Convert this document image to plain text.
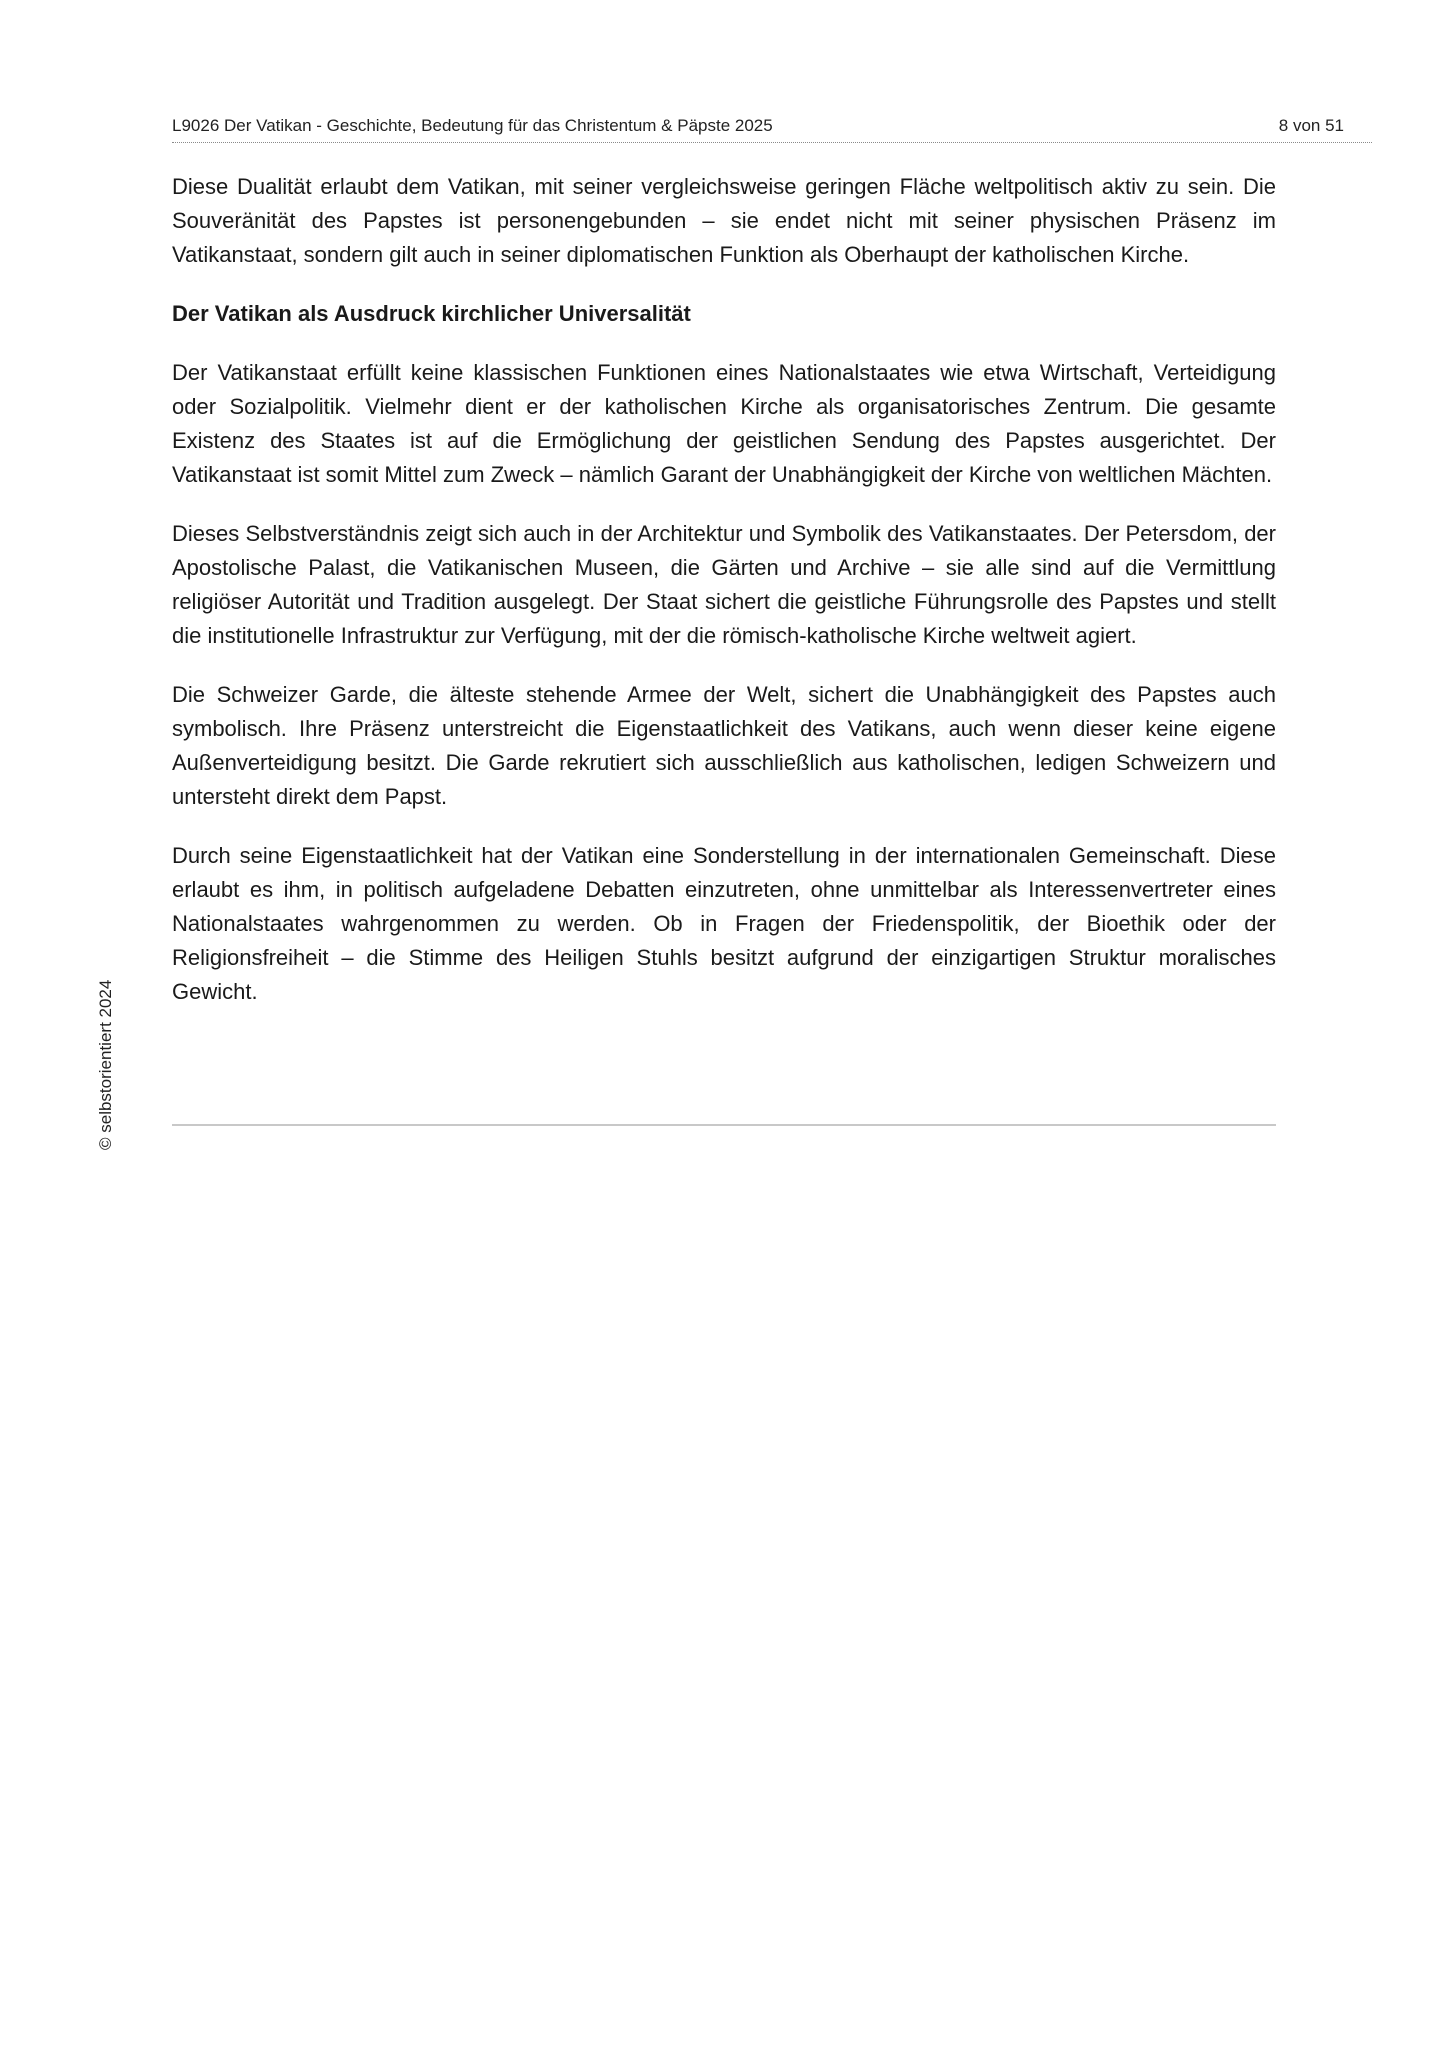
L9026 Der Vatikan - Geschichte, Bedeutung für das Christentum & Päpste 2025	8 von 51

Diese Dualität erlaubt dem Vatikan, mit seiner vergleichsweise geringen Fläche weltpolitisch aktiv zu sein. Die Souveränität des Papstes ist personengebunden – sie endet nicht mit seiner physischen Präsenz im Vatikanstaat, sondern gilt auch in seiner diplomatischen Funktion als Oberhaupt der katholischen Kirche.

Der Vatikan als Ausdruck kirchlicher Universalität

Der Vatikanstaat erfüllt keine klassischen Funktionen eines Nationalstaates wie etwa Wirtschaft, Verteidigung oder Sozialpolitik. Vielmehr dient er der katholischen Kirche als organisatorisches Zentrum. Die gesamte Existenz des Staates ist auf die Ermöglichung der geistlichen Sendung des Papstes ausgerichtet. Der Vatikanstaat ist somit Mittel zum Zweck – nämlich Garant der Unabhängigkeit der Kirche von weltlichen Mächten.

Dieses Selbstverständnis zeigt sich auch in der Architektur und Symbolik des Vatikanstaates. Der Petersdom, der Apostolische Palast, die Vatikanischen Museen, die Gärten und Archive – sie alle sind auf die Vermittlung religiöser Autorität und Tradition ausgelegt. Der Staat sichert die geistliche Führungsrolle des Papstes und stellt die institutionelle Infrastruktur zur Verfügung, mit der die römisch-katholische Kirche weltweit agiert.

Die Schweizer Garde, die älteste stehende Armee der Welt, sichert die Unabhängigkeit des Papstes auch symbolisch. Ihre Präsenz unterstreicht die Eigenstaatlichkeit des Vatikans, auch wenn dieser keine eigene Außenverteidigung besitzt. Die Garde rekrutiert sich ausschließlich aus katholischen, ledigen Schweizern und untersteht direkt dem Papst.

Durch seine Eigenstaatlichkeit hat der Vatikan eine Sonderstellung in der internationalen Gemeinschaft. Diese erlaubt es ihm, in politisch aufgeladene Debatten einzutreten, ohne unmittelbar als Interessenvertreter eines Nationalstaates wahrgenommen zu werden. Ob in Fragen der Friedenspolitik, der Bioethik oder der Religionsfreiheit – die Stimme des Heiligen Stuhls besitzt aufgrund der einzigartigen Struktur moralisches Gewicht.

© selbstorientiert 2024
